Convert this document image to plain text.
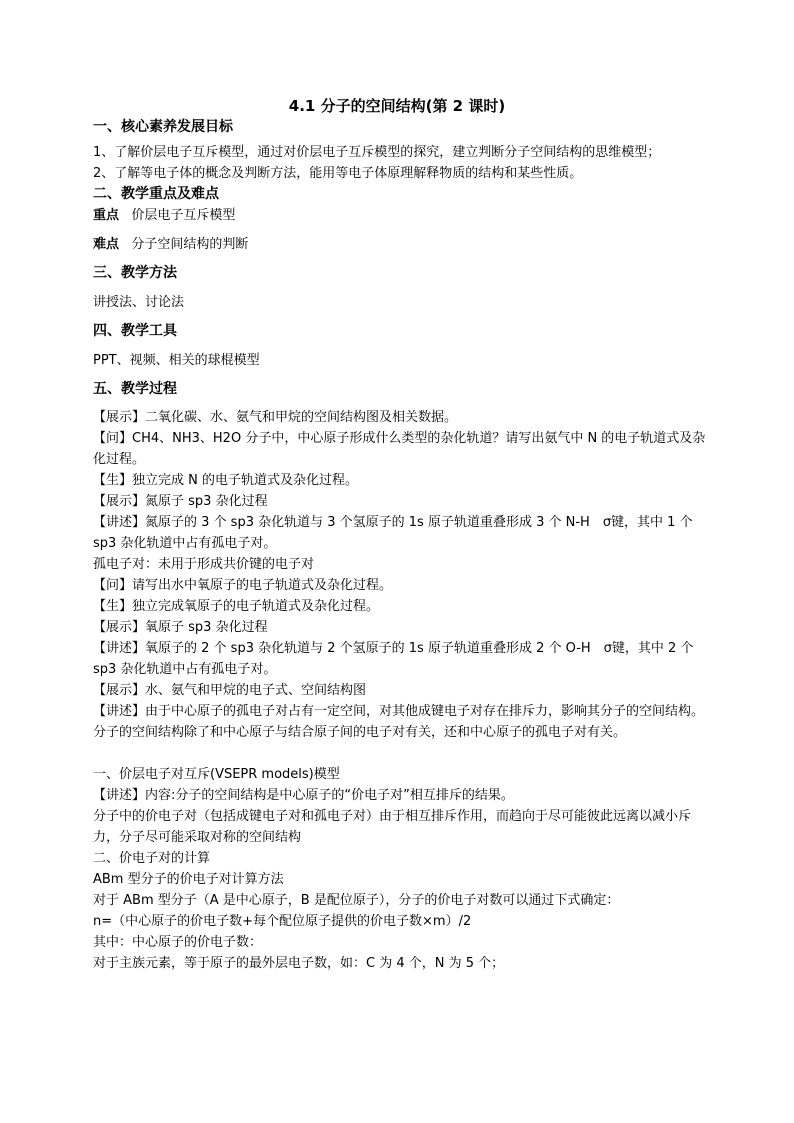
4.1 分子的空间结构(第 2 课时)
一、核心素养发展目标

1、了解价层电子互斥模型，通过对价层电子互斥模型的探究，建立判断分子空间结构的思维模型；

2、了解等电子体的概念及判断方法，能用等电子体原理解释物质的结构和某些性质。

二、教学重点及难点

重点 价层电子互斥模型

难点 分子空间结构的判断

三、教学方法

讲授法、讨论法

四、教学工具

PPT、视频、相关的球棍模型

五、教学过程

【展示】二氧化碳、水、氨气和甲烷的空间结构图及相关数据。

【问】CH4、NH3、H2O 分子中，中心原子形成什么类型的杂化轨道？请写出氨气中 N 的电子轨道式及杂化过程。

【生】独立完成 N 的电子轨道式及杂化过程。

【展示】氮原子 sp3 杂化过程

【讲述】氮原子的 3 个 sp3 杂化轨道与 3 个氢原子的 1s 原子轨道重叠形成 3 个 N-H　σ键，其中 1 个 sp3 杂化轨道中占有孤电子对。

孤电子对：未用于形成共价键的电子对

【问】请写出水中氧原子的电子轨道式及杂化过程。

【生】独立完成氧原子的电子轨道式及杂化过程。

【展示】氧原子 sp3 杂化过程

【讲述】氧原子的 2 个 sp3 杂化轨道与 2 个氢原子的 1s 原子轨道重叠形成 2 个 O-H　σ键，其中 2 个 sp3 杂化轨道中占有孤电子对。

【展示】水、氨气和甲烷的电子式、空间结构图

【讲述】由于中心原子的孤电子对占有一定空间，对其他成键电子对存在排斥力，影响其分子的空间结构。

分子的空间结构除了和中心原子与结合原子间的电子对有关，还和中心原子的孤电子对有关。

一、价层电子对互斥(VSEPR models)模型

【讲述】内容:分子的空间结构是中心原子的“价电子对”相互排斥的结果。

分子中的价电子对（包括成键电子对和孤电子对）由于相互排斥作用，而趋向于尽可能彼此远离以减小斥力，分子尽可能采取对称的空间结构

二、价电子对的计算

ABm 型分子的价电子对计算方法

对于 ABm 型分子（A 是中心原子，B 是配位原子），分子的价电子对数可以通过下式确定：

n=（中心原子的价电子数+每个配位原子提供的价电子数×m）/2

其中：中心原子的价电子数：

对于主族元素，等于原子的最外层电子数，如：C 为 4 个，N 为 5 个；
